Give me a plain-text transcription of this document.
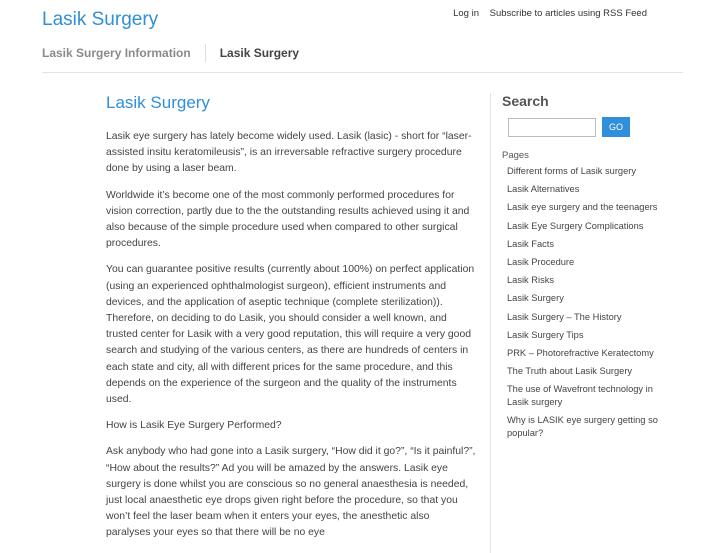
Lasik Surgery	Log in Subscribe to articles using RSS Feed
Lasik Surgery Information Lasik Surgery
Lasik Surgery

Lasik eye surgery has lately become widely used. Lasik (lasic) - short for “laser-assisted insitu keratomileusis”, is an irreversable refractive surgery procedure done by using a laser beam.

Worldwide it’s become one of the most commonly performed procedures for vision correction, partly due to the the outstanding results achieved using it and also because of the simple procedure used when compared to other surgical procedures.

You can guarantee positive results (currently about 100%) on perfect application (using an experienced ophthalmologist surgeon), efficient instruments and devices, and the application of aseptic technique (complete sterilization)). Therefore, on deciding to do Lasik, you should consider a well known, and trusted center for Lasik with a very good reputation, this will require a very good search and studying of the various centers, as there are hundreds of centers in each state and city, all with different prices for the same procedure, and this depends on the experience of the surgeon and the quality of the instruments used.

How is Lasik Eye Surgery Performed?

Ask anybody who had gone into a Lasik surgery, “How did it go?”, “Is it painful?”, “How about the results?” Ad you will be amazed by the answers. Lasik eye surgery is done whilst you are conscious so no general anaesthesia is needed, just local anaesthetic eye drops given right before the procedure, so that you won’t feel the laser beam when it enters your eyes, the anesthetic also paralyses your eyes so that there will be no eye

Search
GO
Pages
Different forms of Lasik surgery
Lasik Alternatives
Lasik eye surgery and the teenagers
Lasik Eye Surgery Complications
Lasik Facts
Lasik Procedure
Lasik Risks
Lasik Surgery
Lasik Surgery – The History
Lasik Surgery Tips
PRK – Photorefractive Keratectomy
The Truth about Lasik Surgery
The use of Wavefront technology in Lasik surgery
Why is LASIK eye surgery getting so popular?
